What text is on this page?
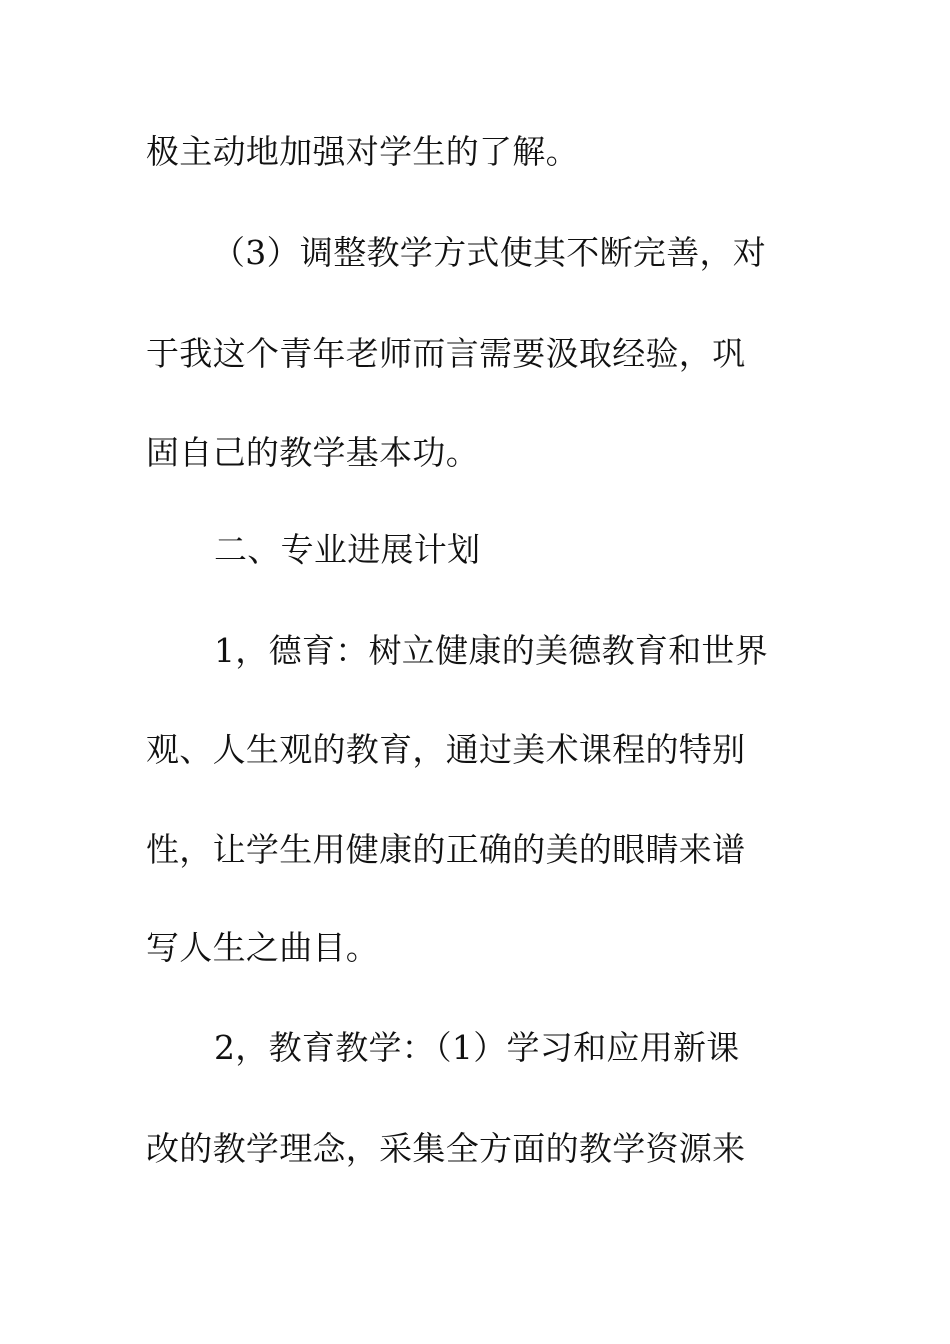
极主动地加强对学生的了解。
（3）调整教学方式使其不断完善，对
于我这个青年老师而言需要汲取经验，巩
固自己的教学基本功。
二、专业进展计划
1，德育：树立健康的美德教育和世界
观、人生观的教育，通过美术课程的特别
性，让学生用健康的正确的美的眼睛来谱
写人生之曲目。
2，教育教学：（1）学习和应用新课
改的教学理念，采集全方面的教学资源来
